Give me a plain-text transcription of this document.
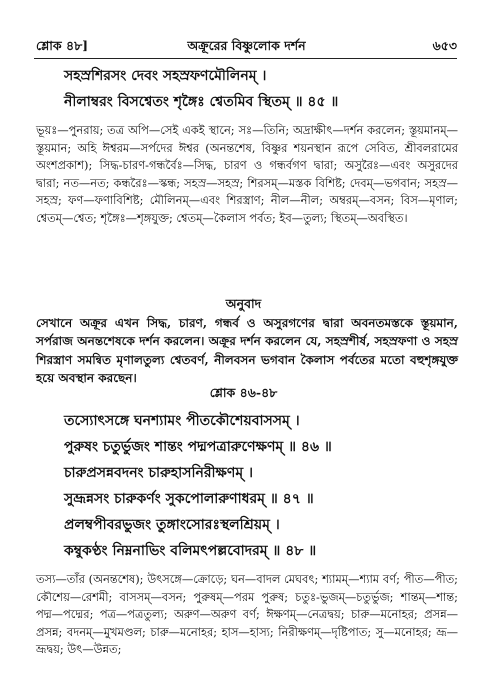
শ্লোক ৪৮]	অক্রূরের বিষ্ণুলোক দর্শন	৬৫৩
সহস্রশিরসং দেবং সহস্রফণমৌলিনম্ ।
নীলাম্বরং বিসশ্বেতং শৃঙ্গৈঃ শ্বেতমিব স্থিতম্ ॥ ৪৫ ॥

ভূয়ঃ—পুনরায়; তত্র অপি—সেই একই স্থানে; সঃ—তিনি; অদ্রাক্ষীৎ—দর্শন করলেন; স্তূয়মানম্—স্তূয়মান; অহি ঈশ্বরম—সর্পদের ঈশ্বর (অনন্তশেষ, বিষ্ণুর শয়নস্থান রূপে সেবিত, শ্রীবলরামের অংশপ্রকাশ); সিদ্ধ-চারণ-গন্ধর্বৈঃ—সিদ্ধ, চারণ ও গন্ধর্বগণ দ্বারা; অসুরৈঃ—এবং অসুরদের দ্বারা; নত—নত; কন্ধরৈঃ—স্কন্ধ; সহস্র—সহস্র; শিরসম্—মস্তক বিশিষ্ট; দেবম্—ভগবান; সহস্র—সহস্র; ফণ—ফণাবিশিষ্ট; মৌলিনম্—এবং শিরস্ত্রাণ; নীল—নীল; অম্বরম্—বসন; বিস—মৃণাল; শ্বেতম্—শ্বেত; শৃঙ্গৈঃ—শৃঙ্গযুক্ত; শ্বেতম্—কৈলাস পর্বত; ইব—তুল্য; স্থিতম্—অবস্থিত।

অনুবাদ

সেখানে অক্রূর এখন সিদ্ধ, চারণ, গন্ধর্ব ও অসুরগণের দ্বারা অবনতমস্তকে স্তূয়মান, সর্পরাজ অনন্তশেষকে দর্শন করলেন। অক্রূর দর্শন করলেন যে, সহস্রশীর্ষ, সহস্রফণা ও সহস্র শিরস্ত্রাণ সমন্বিত মৃণালতুল্য শ্বেতবর্ণ, নীলবসন ভগবান কৈলাস পর্বতের মতো বহুশৃঙ্গযুক্ত হয়ে অবস্থান করছেন।

শ্লোক ৪৬-৪৮
তস্যোৎসঙ্গে ঘনশ্যামং পীতকৌশেয়বাসসম্ ।
পুরুষং চতুর্ভুজং শান্তং পদ্মপত্রারুণেক্ষণম্ ॥ ৪৬ ॥
চারুপ্রসন্নবদনং চারুহাসনিরীক্ষণম্ ।
সুভ্রূন্নসং চারুকর্ণং সুকপোলারুণাধরম্ ॥ ৪৭ ॥
প্রলম্বপীবরভুজং তুঙ্গাংসোরঃস্থলশ্রিয়ম্ ।
কম্বুকণ্ঠং নিম্ননাভিং বলিমৎপল্লবোদরম্ ॥ ৪৮ ॥

তস্য—তাঁর (অনন্তশেষ); উৎসঙ্গে—ক্রোড়ে; ঘন—বাদল মেঘবৎ; শ্যামম্—শ্যাম বর্ণ; পীত—পীত; কৌশেয়—রেশমী; বাসসম্—বসন; পুরুষম্—পরম পুরুষ; চতুঃ-ভুজম্—চতুর্ভুজ; শান্তম্—শান্ত; পদ্ম—পদ্মের; পত্র—পত্রতুল্য; অরুণ—অরুণ বর্ণ; ঈক্ষণম্—নেত্রদ্বয়; চারু—মনোহর; প্রসন্ন—প্রসন্ন; বদনম্—মুখমণ্ডল; চারু—মনোহর; হাস—হাস্য; নিরীক্ষণম্—দৃষ্টিপাত; সু—মনোহর; ভ্রূ—ভ্রূদ্বয়; উৎ—উন্নত;
